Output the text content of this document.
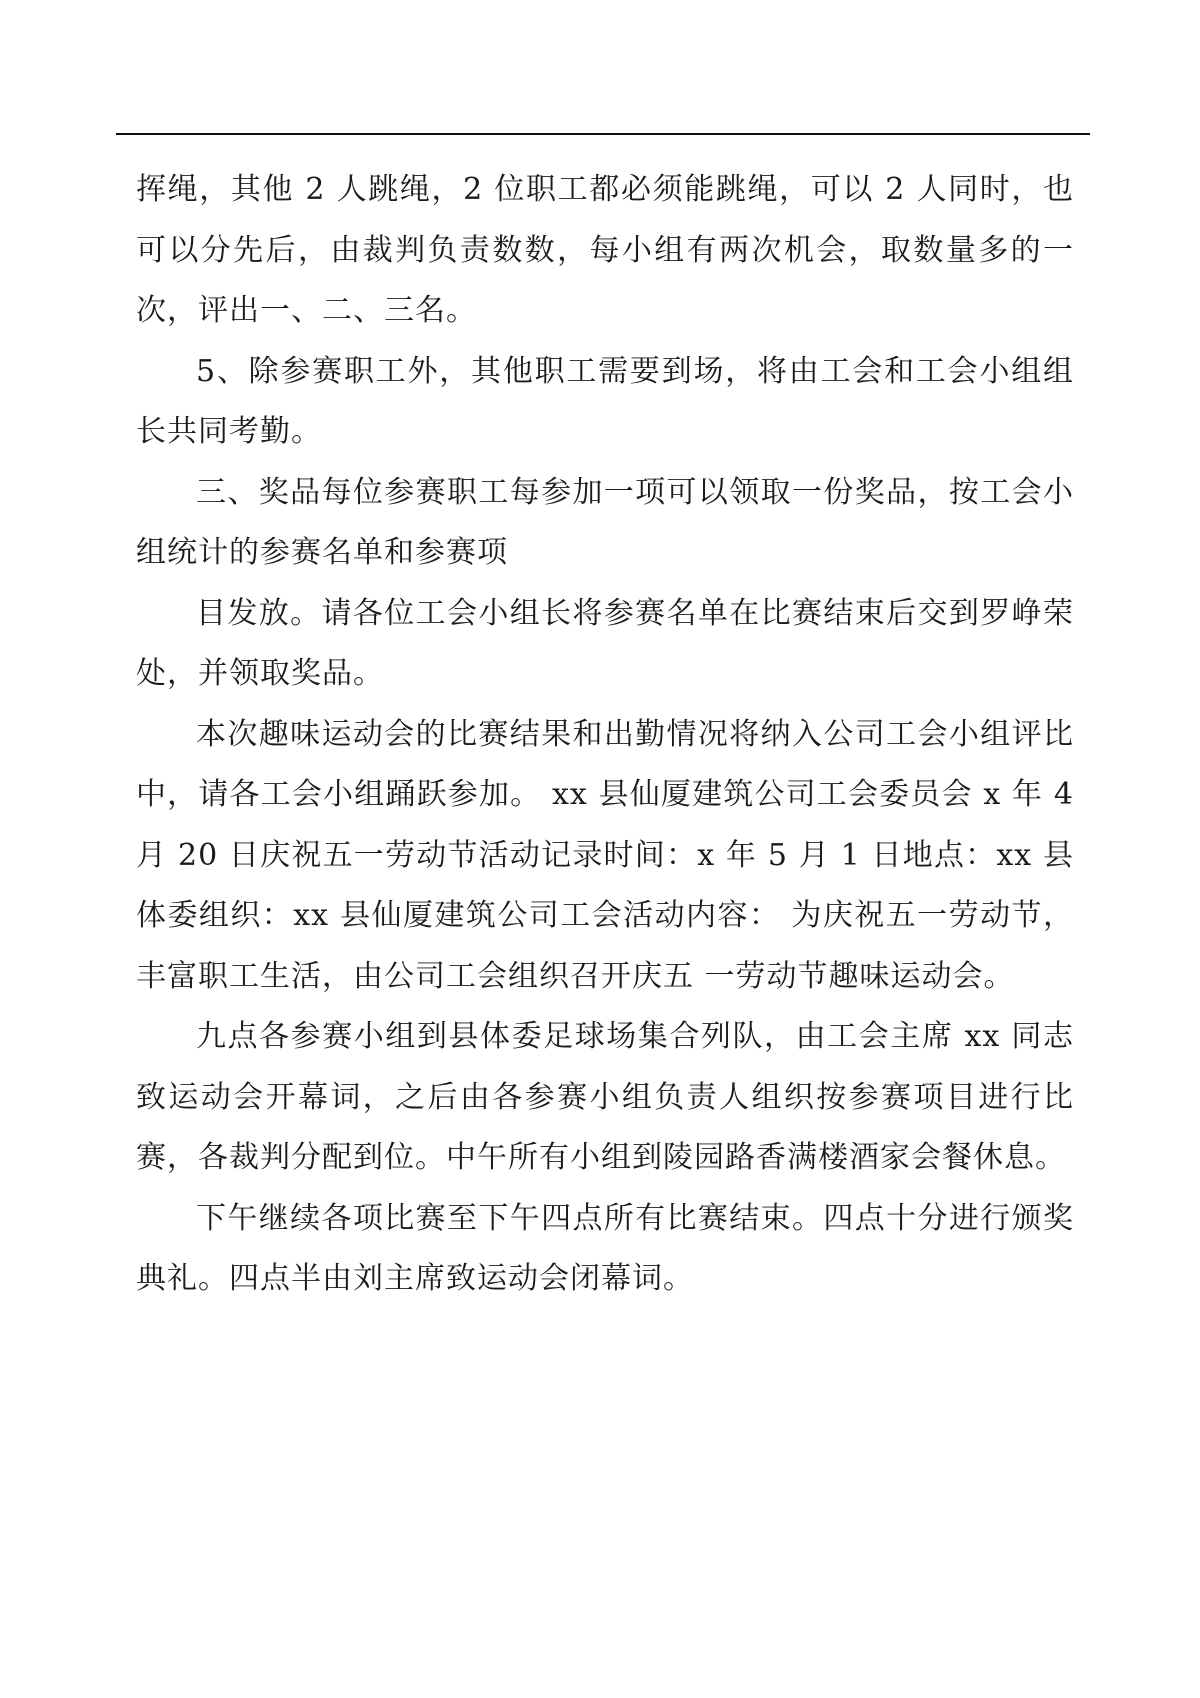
挥绳，其他 2 人跳绳，2 位职工都必须能跳绳，可以 2 人同时，也可以分先后，由裁判负责数数，每小组有两次机会，取数量多的一次，评出一、二、三名。

5、除参赛职工外，其他职工需要到场，将由工会和工会小组组长共同考勤。

三、奖品每位参赛职工每参加一项可以领取一份奖品，按工会小组统计的参赛名单和参赛项

目发放。请各位工会小组长将参赛名单在比赛结束后交到罗峥荣处，并领取奖品。

本次趣味运动会的比赛结果和出勤情况将纳入公司工会小组评比中，请各工会小组踊跃参加。 xx 县仙厦建筑公司工会委员会 x 年 4 月 20 日庆祝五一劳动节活动记录时间：x 年 5 月 1 日地点：xx 县体委组织：xx 县仙厦建筑公司工会活动内容： 为庆祝五一劳动节，丰富职工生活，由公司工会组织召开庆五 一劳动节趣味运动会。

九点各参赛小组到县体委足球场集合列队，由工会主席 xx 同志致运动会开幕词，之后由各参赛小组负责人组织按参赛项目进行比赛，各裁判分配到位。中午所有小组到陵园路香满楼酒家会餐休息。

下午继续各项比赛至下午四点所有比赛结束。四点十分进行颁奖典礼。四点半由刘主席致运动会闭幕词。
